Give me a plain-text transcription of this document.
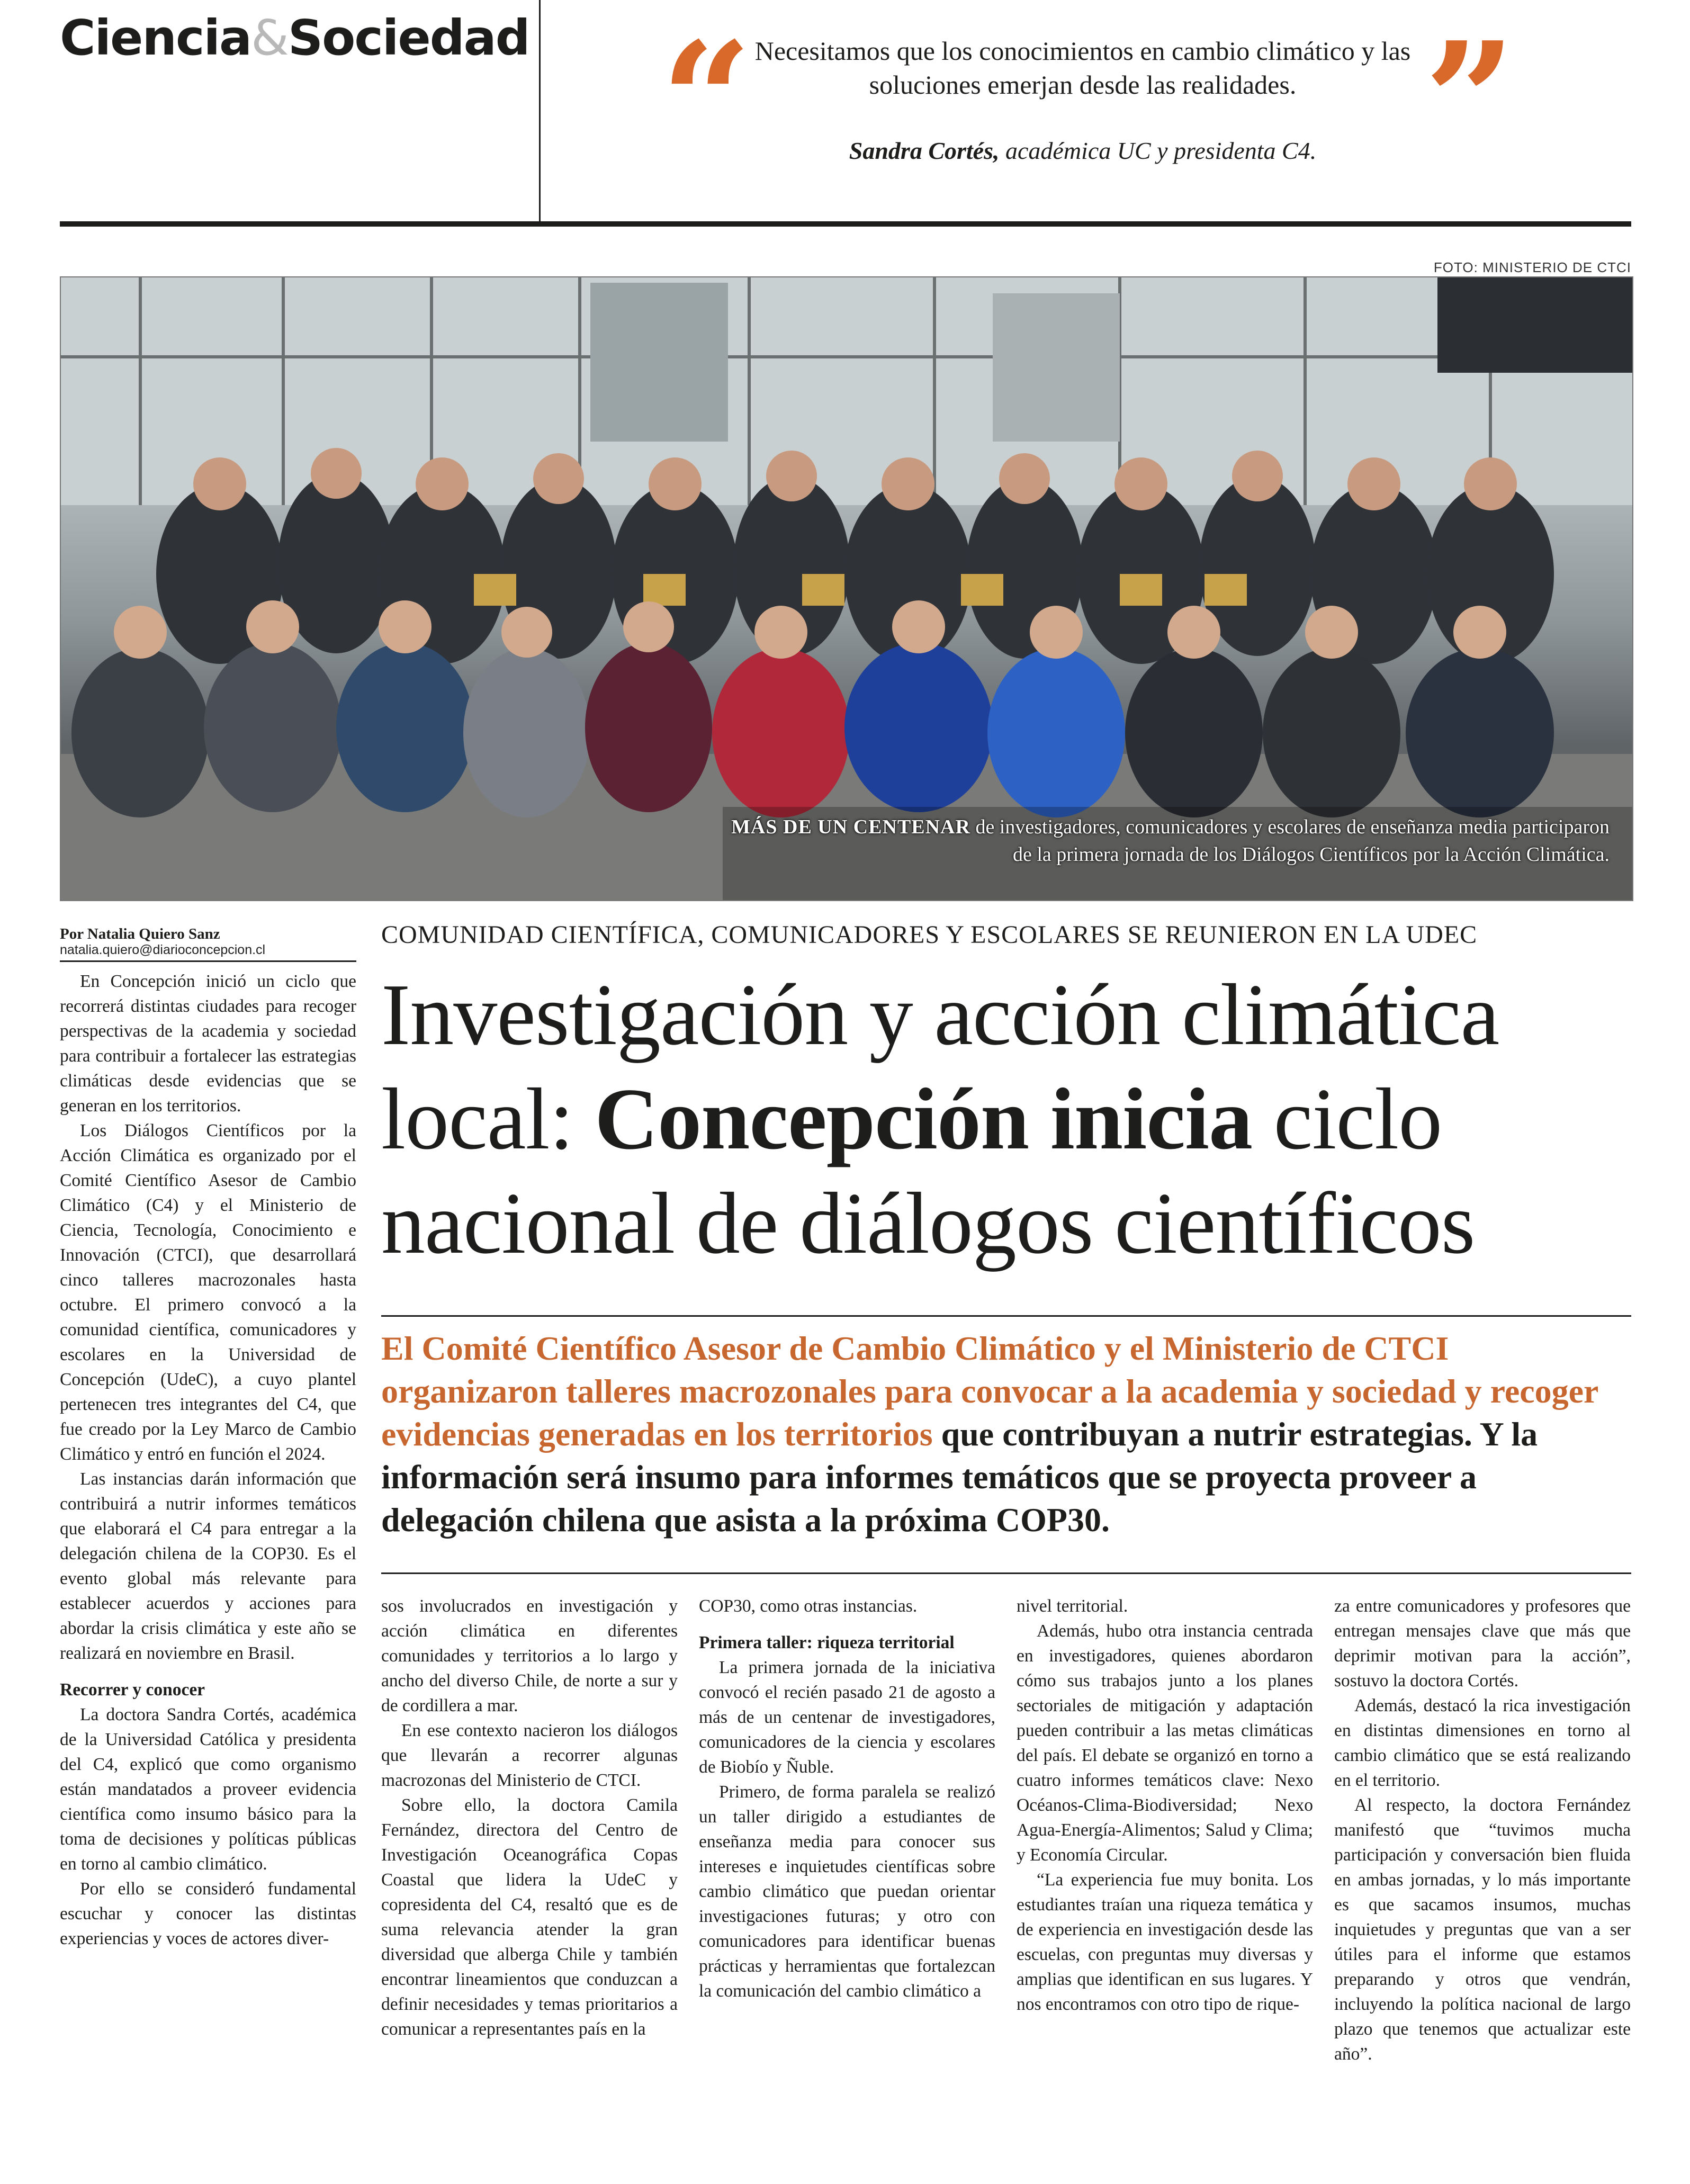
Ciencia&Sociedad “	”
Necesitamos que los conocimientos en cambio climático y las soluciones emerjan desde las realidades.
Sandra Cortés, académica UC y presidenta C4.
FOTO: MINISTERIO DE CTCI
MÁS DE UN CENTENAR de investigadores, comunicadores y escolares de enseñanza media participaron de la primera jornada de los Diálogos Científicos por la Acción Climática.
Por Natalia Quiero Sanz
natalia.quiero@diarioconcepcion.cl

En Concepción inició un ciclo que recorrerá distintas ciudades para recoger perspectivas de la academia y sociedad para contribuir a fortalecer las estrategias climáticas desde evidencias que se generan en los territorios.

Los Diálogos Científicos por la Acción Climática es organizado por el Comité Científico Asesor de Cambio Climático (C4) y el Ministerio de Ciencia, Tecnología, Conocimiento e Innovación (CTCI), que desarrollará cinco talleres macrozonales hasta octubre. El primero convocó a la comunidad científica, comunicadores y escolares en la Universidad de Concepción (UdeC), a cuyo plantel pertenecen tres integrantes del C4, que fue creado por la Ley Marco de Cambio Climático y entró en función el 2024.

Las instancias darán información que contribuirá a nutrir informes temáticos que elaborará el C4 para entregar a la delegación chilena de la COP30. Es el evento global más relevante para establecer acuerdos y acciones para abordar la crisis climática y este año se realizará en noviembre en Brasil.

Recorrer y conocer

La doctora Sandra Cortés, académica de la Universidad Católica y presidenta del C4, explicó que como organismo están mandatados a proveer evidencia científica como insumo básico para la toma de decisiones y políticas públicas en torno al cambio climático.

Por ello se consideró fundamental escuchar y conocer las distintas experiencias y voces de actores diver-

COMUNIDAD CIENTÍFICA, COMUNICADORES Y ESCOLARES SE REUNIERON EN LA UDEC
Investigación y acción climática local: Concepción inicia ciclo nacional de diálogos científicos
El Comité Científico Asesor de Cambio Climático y el Ministerio de CTCI organizaron talleres macrozonales para convocar a la academia y sociedad y recoger evidencias generadas en los territorios que contribuyan a nutrir estrategias. Y la información será insumo para informes temáticos que se proyecta proveer a delegación chilena que asista a la próxima COP30.

sos involucrados en investigación y acción climática en diferentes comunidades y territorios a lo largo y ancho del diverso Chile, de norte a sur y de cordillera a mar.

En ese contexto nacieron los diálogos que llevarán a recorrer algunas macrozonas del Ministerio de CTCI.

Sobre ello, la doctora Camila Fernández, directora del Centro de Investigación Oceanográfica Copas Coastal que lidera la UdeC y copresidenta del C4, resaltó que es de suma relevancia atender la gran diversidad que alberga Chile y también encontrar lineamientos que conduzcan a definir necesidades y temas prioritarios a comunicar a representantes país en la

COP30, como otras instancias.

Primera taller: riqueza territorial

La primera jornada de la iniciativa convocó el recién pasado 21 de agosto a más de un centenar de investigadores, comunicadores de la ciencia y escolares de Biobío y Ñuble.

Primero, de forma paralela se realizó un taller dirigido a estudiantes de enseñanza media para conocer sus intereses e inquietudes científicas sobre cambio climático que puedan orientar investigaciones futuras; y otro con comunicadores para identificar buenas prácticas y herramientas que fortalezcan la comunicación del cambio climático a

nivel territorial.

Además, hubo otra instancia centrada en investigadores, quienes abordaron cómo sus trabajos junto a los planes sectoriales de mitigación y adaptación pueden contribuir a las metas climáticas del país. El debate se organizó en torno a cuatro informes temáticos clave: Nexo Océanos-Clima-Biodiversidad; Nexo Agua-Energía-Alimentos; Salud y Clima; y Economía Circular.

“La experiencia fue muy bonita. Los estudiantes traían una riqueza temática y de experiencia en investigación desde las escuelas, con preguntas muy diversas y amplias que identifican en sus lugares. Y nos encontramos con otro tipo de rique-

za entre comunicadores y profesores que entregan mensajes clave que más que deprimir motivan para la acción”, sostuvo la doctora Cortés.

Además, destacó la rica investigación en distintas dimensiones en torno al cambio climático que se está realizando en el territorio.

Al respecto, la doctora Fernández manifestó que “tuvimos mucha participación y conversación bien fluida en ambas jornadas, y lo más importante es que sacamos insumos, muchas inquietudes y preguntas que van a ser útiles para el informe que estamos preparando y otros que vendrán, incluyendo la política nacional de largo plazo que tenemos que actualizar este año”.
